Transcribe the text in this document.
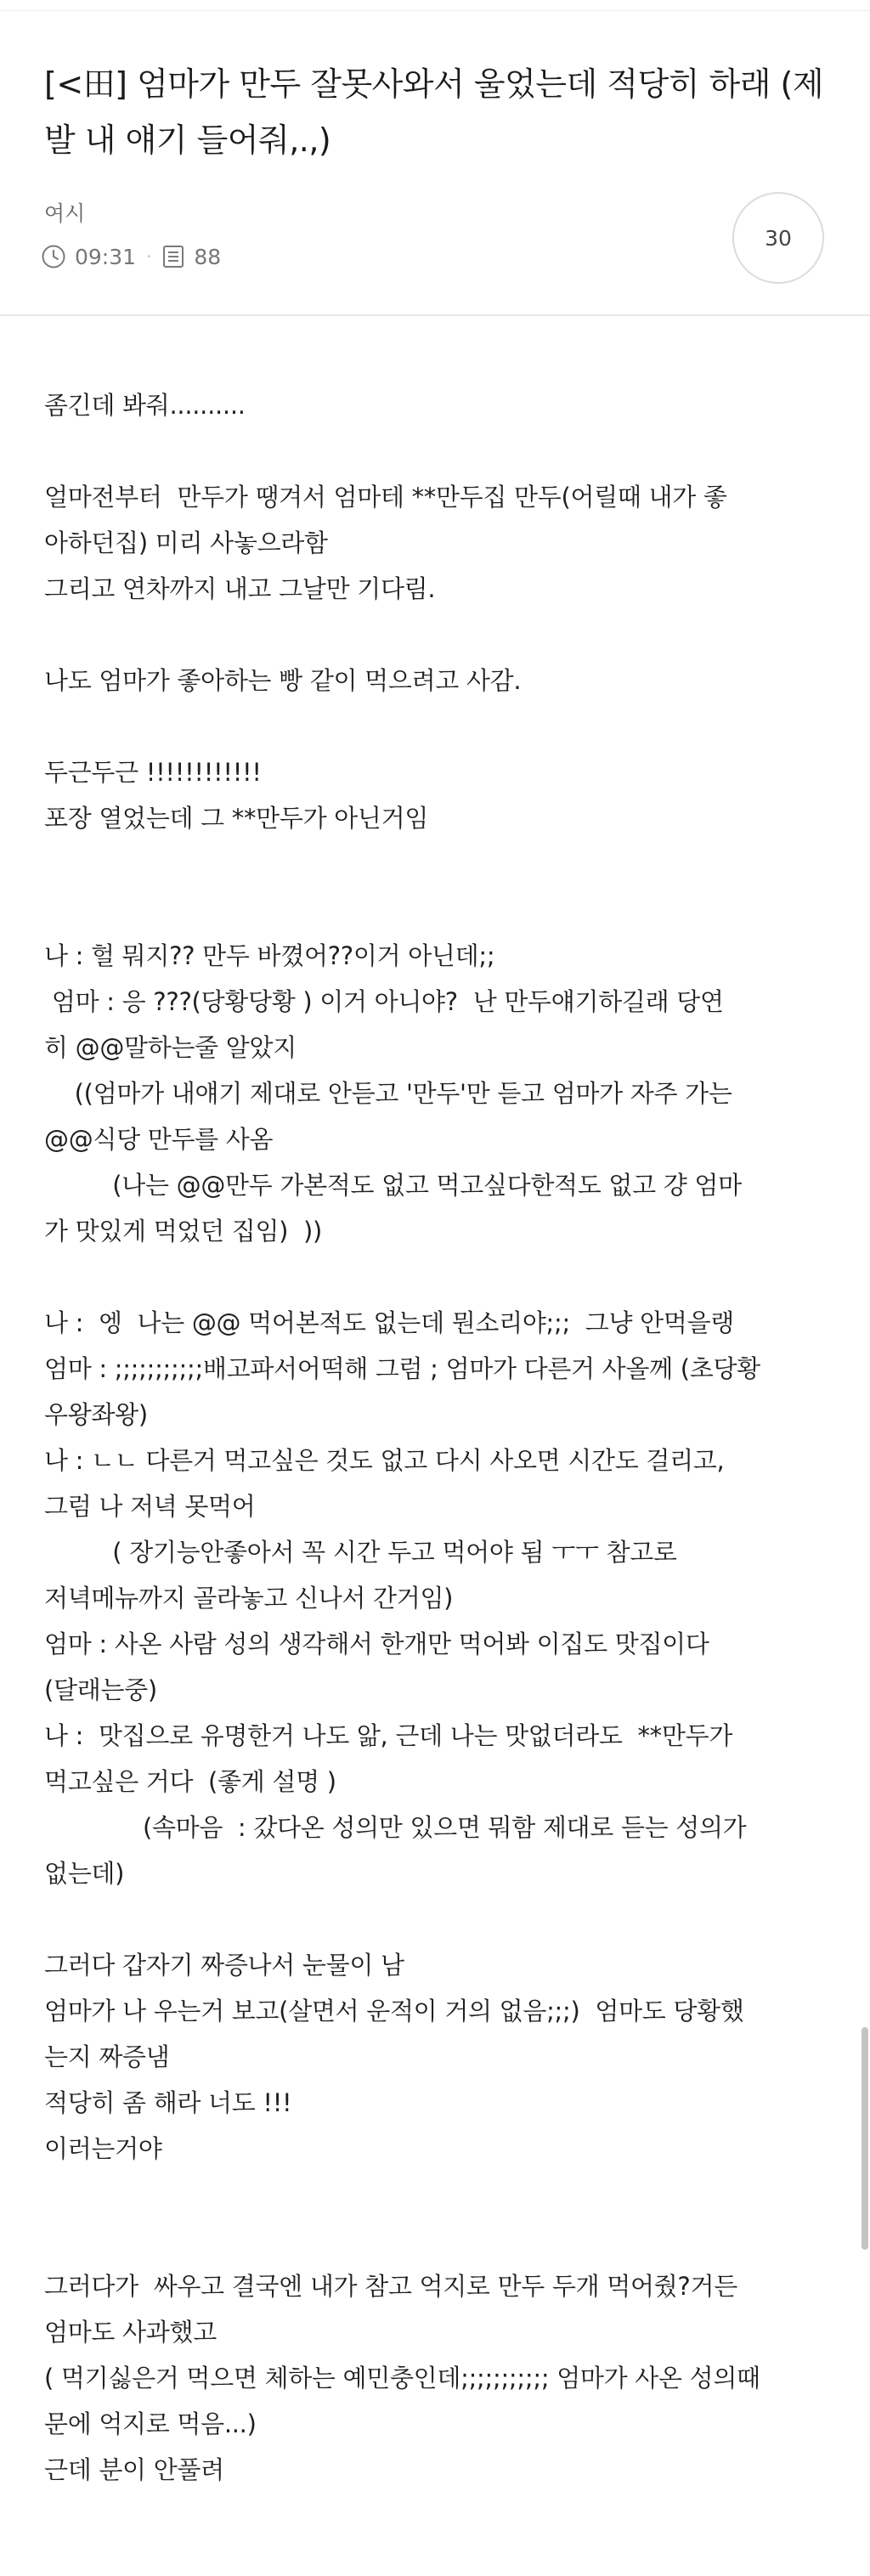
[<田] 엄마가 만두 잘못사와서 울었는데 적당히 하래 (제
발 내 얘기 들어줘,.,)
여시
09:31 · 88
30
좀긴데 봐줘..........
얼마전부터  만두가 땡겨서 엄마테 **만두집 만두(어릴때 내가 좋
아하던집) 미리 사놓으라함
그리고 연차까지 내고 그날만 기다림.
나도 엄마가 좋아하는 빵 같이 먹으려고 사감.
두근두근 !!!!!!!!!!!!
포장 열었는데 그 **만두가 아닌거임
나 : 헐 뭐지?? 만두 바꼈어??이거 아닌데;;
엄마 : 응 ???(당황당황 ) 이거 아니야?  난 만두얘기하길래 당연
히 @@말하는줄 알았지
((엄마가 내얘기 제대로 안듣고 '만두'만 듣고 엄마가 자주 가는
@@식당 만두를 사옴
(나는 @@만두 가본적도 없고 먹고싶다한적도 없고 걍 엄마
가 맛있게 먹었던 집임)  ))
나 :  엥  나는 @@ 먹어본적도 없는데 뭔소리야;;;  그냥 안먹을랭
엄마 : ;;;;;;;;;;;배고파서어떡해 그럼 ; 엄마가 다른거 사올께 (초당황
우왕좌왕)
나 : ㄴㄴ 다른거 먹고싶은 것도 없고 다시 사오면 시간도 걸리고,
그럼 나 저녁 못먹어
( 장기능안좋아서 꼭 시간 두고 먹어야 됨 ㅜㅜ 참고로
저녁메뉴까지 골라놓고 신나서 간거임)
엄마 : 사온 사람 성의 생각해서 한개만 먹어봐 이집도 맛집이다
(달래는중)
나 :  맛집으로 유명한거 나도 앎, 근데 나는 맛없더라도  **만두가
먹고싶은 거다  (좋게 설명 )
(속마음  : 갔다온 성의만 있으면 뭐함 제대로 듣는 성의가
없는데)
그러다 갑자기 짜증나서 눈물이 남
엄마가 나 우는거 보고(살면서 운적이 거의 없음;;;)  엄마도 당황했
는지 짜증냄
적당히 좀 해라 너도 !!!
이러는거야
그러다가  싸우고 결국엔 내가 참고 억지로 만두 두개 먹어줬?거든
엄마도 사과했고
( 먹기싫은거 먹으면 체하는 예민충인데;;;;;;;;;;; 엄마가 사온 성의때
문에 억지로 먹음...)
근데 분이 안풀려
